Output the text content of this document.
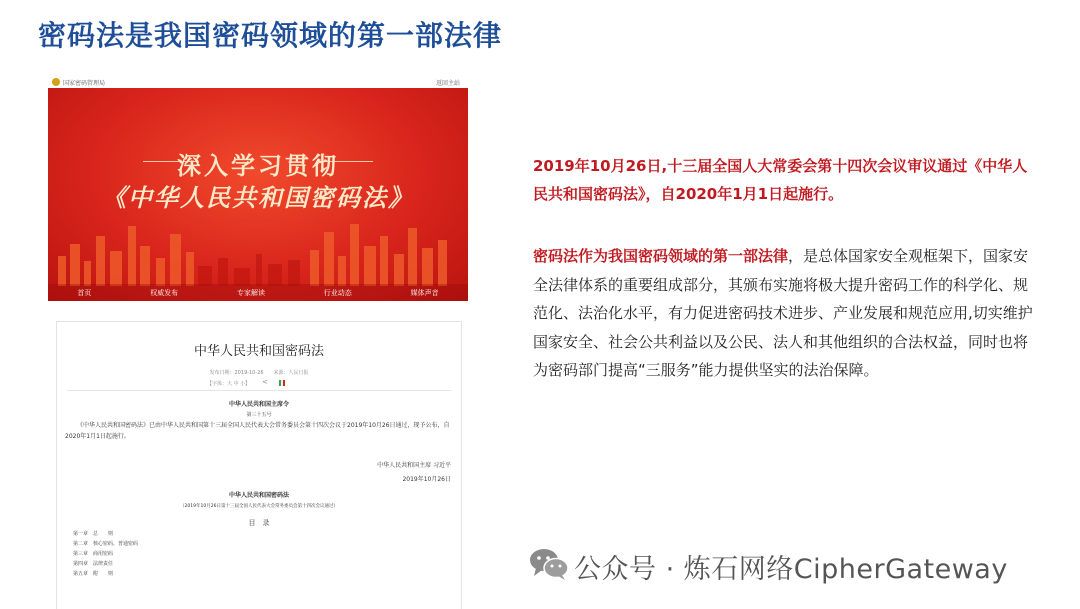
密码法是我国密码领域的第一部法律
国家密码管理局	返回主站
深入学习贯彻
《中华人民共和国密码法》
首页	权威发布	专家解读	行业动态	媒体声音
中华人民共和国密码法
发布日期：2019-10-26　　来源：人民日报
【字体：大 中 小】 <
中华人民共和国主席令
第三十五号
《中华人民共和国密码法》已由中华人民共和国第十三届全国人民代表大会常务委员会第十四次会议于2019年10月26日通过，现予公布，自2020年1月1日起施行。
中华人民共和国主席 习近平
2019年10月26日
中华人民共和国密码法
（2019年10月26日第十三届全国人民代表大会常务委员会第十四次会议通过）
目　录
第一章　总　　则
第二章　核心密码、普通密码
第三章　商用密码
第四章　法律责任
第五章　附　　则
2019年10月26日,十三届全国人大常委会第十四次会议审议通过《中华人民共和国密码法》，自2020年1月1日起施行。
密码法作为我国密码领域的第一部法律，是总体国家安全观框架下，国家安全法律体系的重要组成部分，其颁布实施将极大提升密码工作的科学化、规范化、法治化水平，有力促进密码技术进步、产业发展和规范应用,切实维护国家安全、社会公共利益以及公民、法人和其他组织的合法权益，同时也将为密码部门提高“三服务”能力提供坚实的法治保障。
公众号 · 炼石网络CipherGateway
